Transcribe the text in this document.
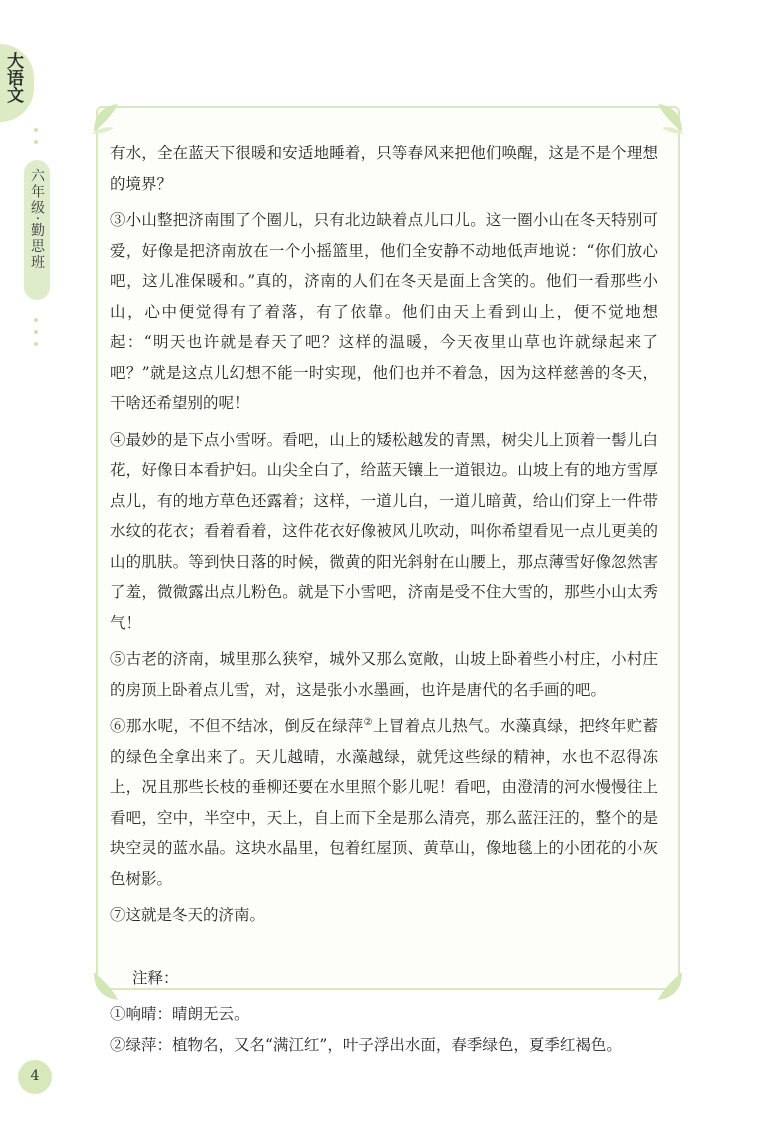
大语文
六年级·勤思班

有水，全在蓝天下很暖和安适地睡着，只等春风来把他们唤醒，这是不是个理想的境界？

③小山整把济南围了个圈儿，只有北边缺着点儿口儿。这一圈小山在冬天特别可爱，好像是把济南放在一个小摇篮里，他们全安静不动地低声地说：“你们放心吧，这儿准保暖和。”真的，济南的人们在冬天是面上含笑的。他们一看那些小山，心中便觉得有了着落，有了依靠。他们由天上看到山上，便不觉地想起：“明天也许就是春天了吧？这样的温暖，今天夜里山草也许就绿起来了吧？”就是这点儿幻想不能一时实现，他们也并不着急，因为这样慈善的冬天，干啥还希望别的呢！

④最妙的是下点小雪呀。看吧，山上的矮松越发的青黑，树尖儿上顶着一髻儿白花，好像日本看护妇。山尖全白了，给蓝天镶上一道银边。山坡上有的地方雪厚点儿，有的地方草色还露着；这样，一道儿白，一道儿暗黄，给山们穿上一件带水纹的花衣；看着看着，这件花衣好像被风儿吹动，叫你希望看见一点儿更美的山的肌肤。等到快日落的时候，微黄的阳光斜射在山腰上，那点薄雪好像忽然害了羞，微微露出点儿粉色。就是下小雪吧，济南是受不住大雪的，那些小山太秀气！

⑤古老的济南，城里那么狭窄，城外又那么宽敞，山坡上卧着些小村庄，小村庄的房顶上卧着点儿雪，对，这是张小水墨画，也许是唐代的名手画的吧。

⑥那水呢，不但不结冰，倒反在绿萍②上冒着点儿热气。水藻真绿，把终年贮蓄的绿色全拿出来了。天儿越晴，水藻越绿，就凭这些绿的精神，水也不忍得冻上，况且那些长枝的垂柳还要在水里照个影儿呢！看吧，由澄清的河水慢慢往上看吧，空中，半空中，天上，自上而下全是那么清亮，那么蓝汪汪的，整个的是块空灵的蓝水晶。这块水晶里，包着红屋顶、黄草山，像地毯上的小团花的小灰色树影。

⑦这就是冬天的济南。

注释：

①响晴：晴朗无云。

②绿萍：植物名，又名“满江红”，叶子浮出水面，春季绿色，夏季红褐色。

4
